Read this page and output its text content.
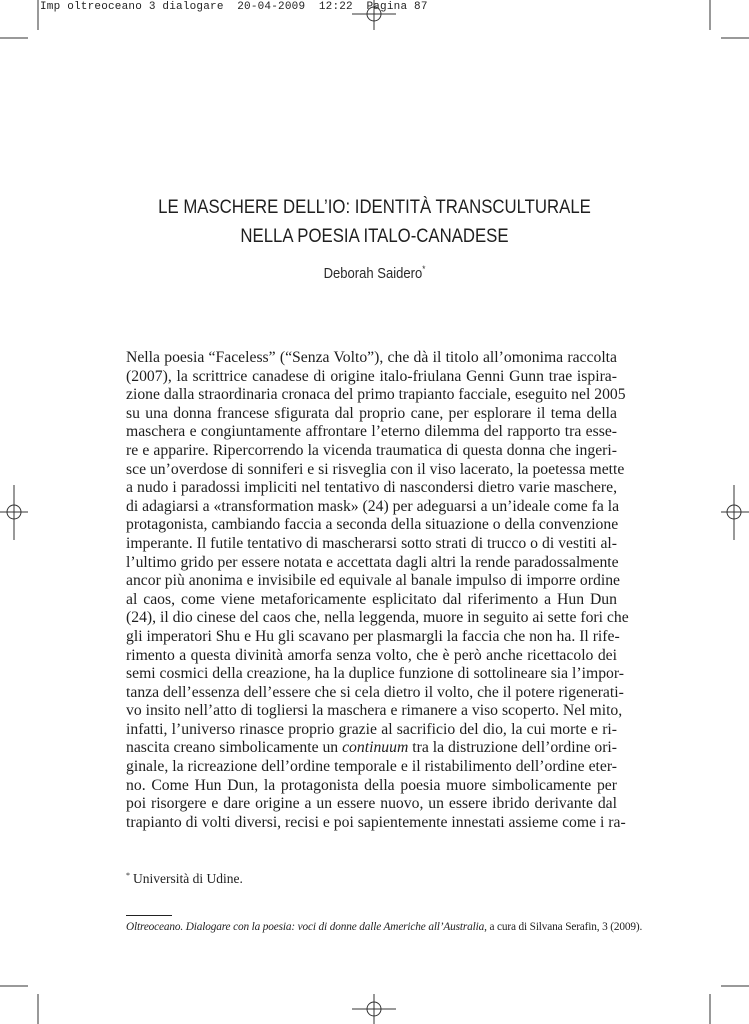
Imp oltreoceano 3 dialogare  20-04-2009  12:22  Pagina 87
LE MASCHERE DELL’IO: IDENTITÀ TRANSCULTURALE
NELLA POESIA ITALO-CANADESE
Deborah Saidero*
Nella poesia “Faceless” (“Senza Volto”), che dà il titolo all’omonima raccolta
(2007), la scrittrice canadese di origine italo-friulana Genni Gunn trae ispira-
zione dalla straordinaria cronaca del primo trapianto facciale, eseguito nel 2005
su una donna francese sfigurata dal proprio cane, per esplorare il tema della
maschera e congiuntamente affrontare l’eterno dilemma del rapporto tra esse-
re e apparire. Ripercorrendo la vicenda traumatica di questa donna che ingeri-
sce un’overdose di sonniferi e si risveglia con il viso lacerato, la poetessa mette
a nudo i paradossi impliciti nel tentativo di nascondersi dietro varie maschere,
di adagiarsi a «transformation mask» (24) per adeguarsi a un’ideale come fa la
protagonista, cambiando faccia a seconda della situazione o della convenzione
imperante. Il futile tentativo di mascherarsi sotto strati di trucco o di vestiti al-
l’ultimo grido per essere notata e accettata dagli altri la rende paradossalmente
ancor più anonima e invisibile ed equivale al banale impulso di imporre ordine
al caos, come viene metaforicamente esplicitato dal riferimento a Hun Dun
(24), il dio cinese del caos che, nella leggenda, muore in seguito ai sette fori che
gli imperatori Shu e Hu gli scavano per plasmargli la faccia che non ha. Il rife-
rimento a questa divinità amorfa senza volto, che è però anche ricettacolo dei
semi cosmici della creazione, ha la duplice funzione di sottolineare sia l’impor-
tanza dell’essenza dell’essere che si cela dietro il volto, che il potere rigenerati-
vo insito nell’atto di togliersi la maschera e rimanere a viso scoperto. Nel mito,
infatti, l’universo rinasce proprio grazie al sacrificio del dio, la cui morte e ri-
nascita creano simbolicamente un continuum tra la distruzione dell’ordine ori-
ginale, la ricreazione dell’ordine temporale e il ristabilimento dell’ordine eter-
no. Come Hun Dun, la protagonista della poesia muore simbolicamente per
poi risorgere e dare origine a un essere nuovo, un essere ibrido derivante dal
trapianto di volti diversi, recisi e poi sapientemente innestati assieme come i ra-
* Università di Udine.
Oltreoceano. Dialogare con la poesia: voci di donne dalle Americhe all’Australia, a cura di Silvana Serafin, 3 (2009).
